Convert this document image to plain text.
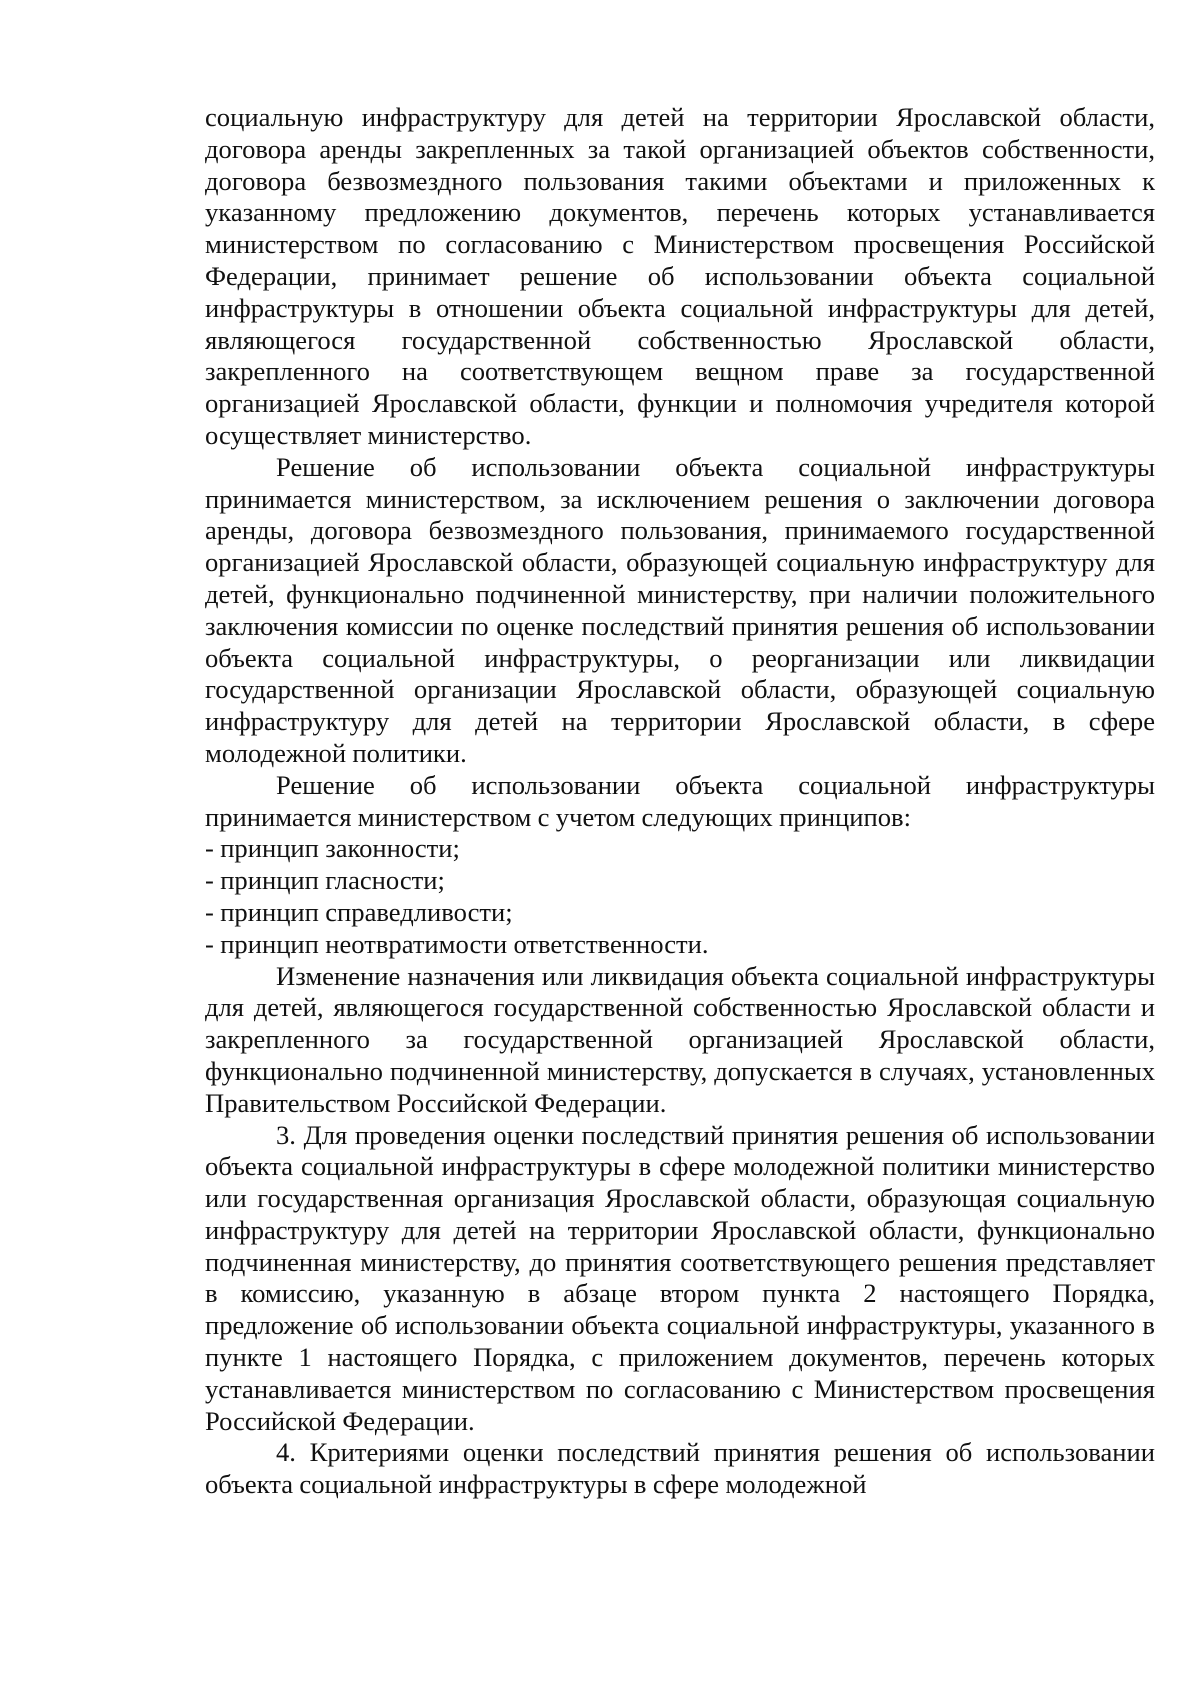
социальную инфраструктуру для детей на территории Ярославской области, договора аренды закрепленных за такой организацией объектов собственности, договора безвозмездного пользования такими объектами и приложенных к указанному предложению документов, перечень которых устанавливается министерством по согласованию с Министерством просвещения Российской Федерации, принимает решение об использовании объекта социальной инфраструктуры в отношении объекта социальной инфраструктуры для детей, являющегося государственной собственностью Ярославской области, закрепленного на соответствующем вещном праве за государственной организацией Ярославской области, функции и полномочия учредителя которой осуществляет министерство.

Решение об использовании объекта социальной инфраструктуры принимается министерством, за исключением решения о заключении договора аренды, договора безвозмездного пользования, принимаемого государственной организацией Ярославской области, образующей социальную инфраструктуру для детей, функционально подчиненной министерству, при наличии положительного заключения комиссии по оценке последствий принятия решения об использовании объекта социальной инфраструктуры, о реорганизации или ликвидации государственной организации Ярославской области, образующей социальную инфраструктуру для детей на территории Ярославской области, в сфере молодежной политики.

Решение об использовании объекта социальной инфраструктуры принимается министерством с учетом следующих принципов:

- принцип законности;

- принцип гласности;

- принцип справедливости;

- принцип неотвратимости ответственности.

Изменение назначения или ликвидация объекта социальной инфраструктуры для детей, являющегося государственной собственностью Ярославской области и закрепленного за государственной организацией Ярославской области, функционально подчиненной министерству, допускается в случаях, установленных Правительством Российской Федерации.

3. Для проведения оценки последствий принятия решения об использовании объекта социальной инфраструктуры в сфере молодежной политики министерство или государственная организация Ярославской области, образующая социальную инфраструктуру для детей на территории Ярославской области, функционально подчиненная министерству, до принятия соответствующего решения представляет в комиссию, указанную в абзаце втором пункта 2 настоящего Порядка, предложение об использовании объекта социальной инфраструктуры, указанного в пункте 1 настоящего Порядка, с приложением документов, перечень которых устанавливается министерством по согласованию с Министерством просвещения Российской Федерации.

4. Критериями оценки последствий принятия решения об использовании объекта социальной инфраструктуры в сфере молодежной
